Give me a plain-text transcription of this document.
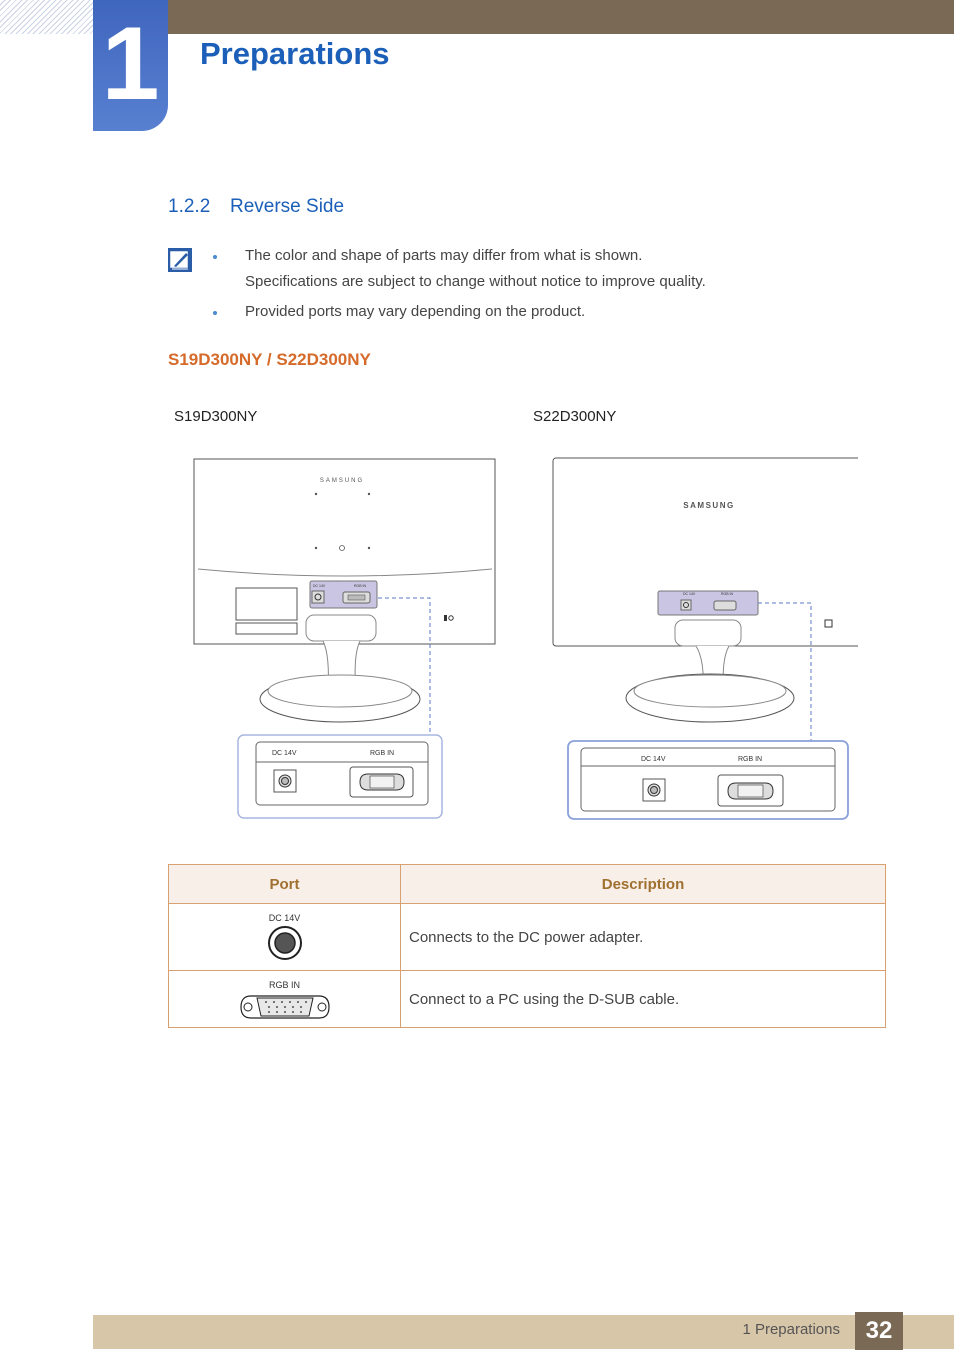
1 Preparations
1.2.2 Reverse Side
The color and shape of parts may differ from what is shown.
Specifications are subject to change without notice to improve quality.
Provided ports may vary depending on the product.
S19D300NY / S22D300NY
S19D300NY	S22D300NY
SAMSUNG
DC 14V	RGB IN
DC 14V	RGB IN
SAMSUNG
DC 14V	RGB IN
DC 14V	RGB IN
Port	Description

DC 14V	Connects to the DC power adapter.

RGB IN	Connect to a PC using the D-SUB cable.
1 Preparations	32
